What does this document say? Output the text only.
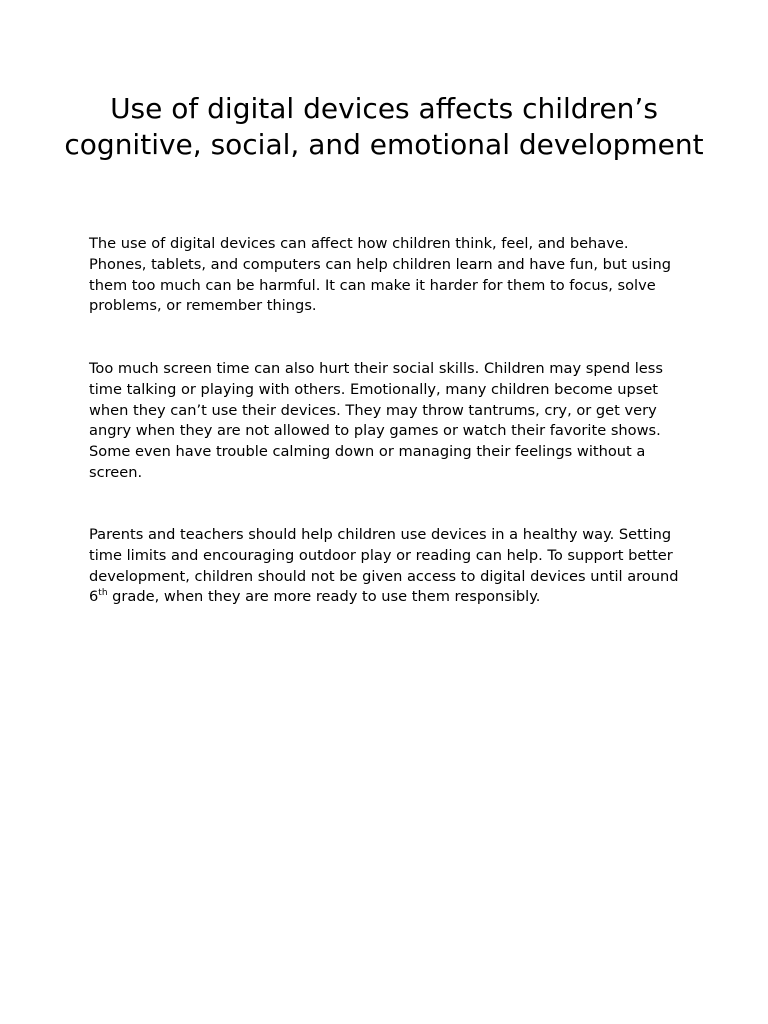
Use of digital devices affects children’s cognitive, social, and emotional development

The use of digital devices can affect how children think, feel, and behave. Phones, tablets, and computers can help children learn and have fun, but using them too much can be harmful. It can make it harder for them to focus, solve problems, or remember things.

Too much screen time can also hurt their social skills. Children may spend less time talking or playing with others. Emotionally, many children become upset when they can’t use their devices. They may throw tantrums, cry, or get very angry when they are not allowed to play games or watch their favorite shows. Some even have trouble calming down or managing their feelings without a screen.

Parents and teachers should help children use devices in a healthy way. Setting time limits and encouraging outdoor play or reading can help. To support better development, children should not be given access to digital devices until around 6th grade, when they are more ready to use them responsibly.
